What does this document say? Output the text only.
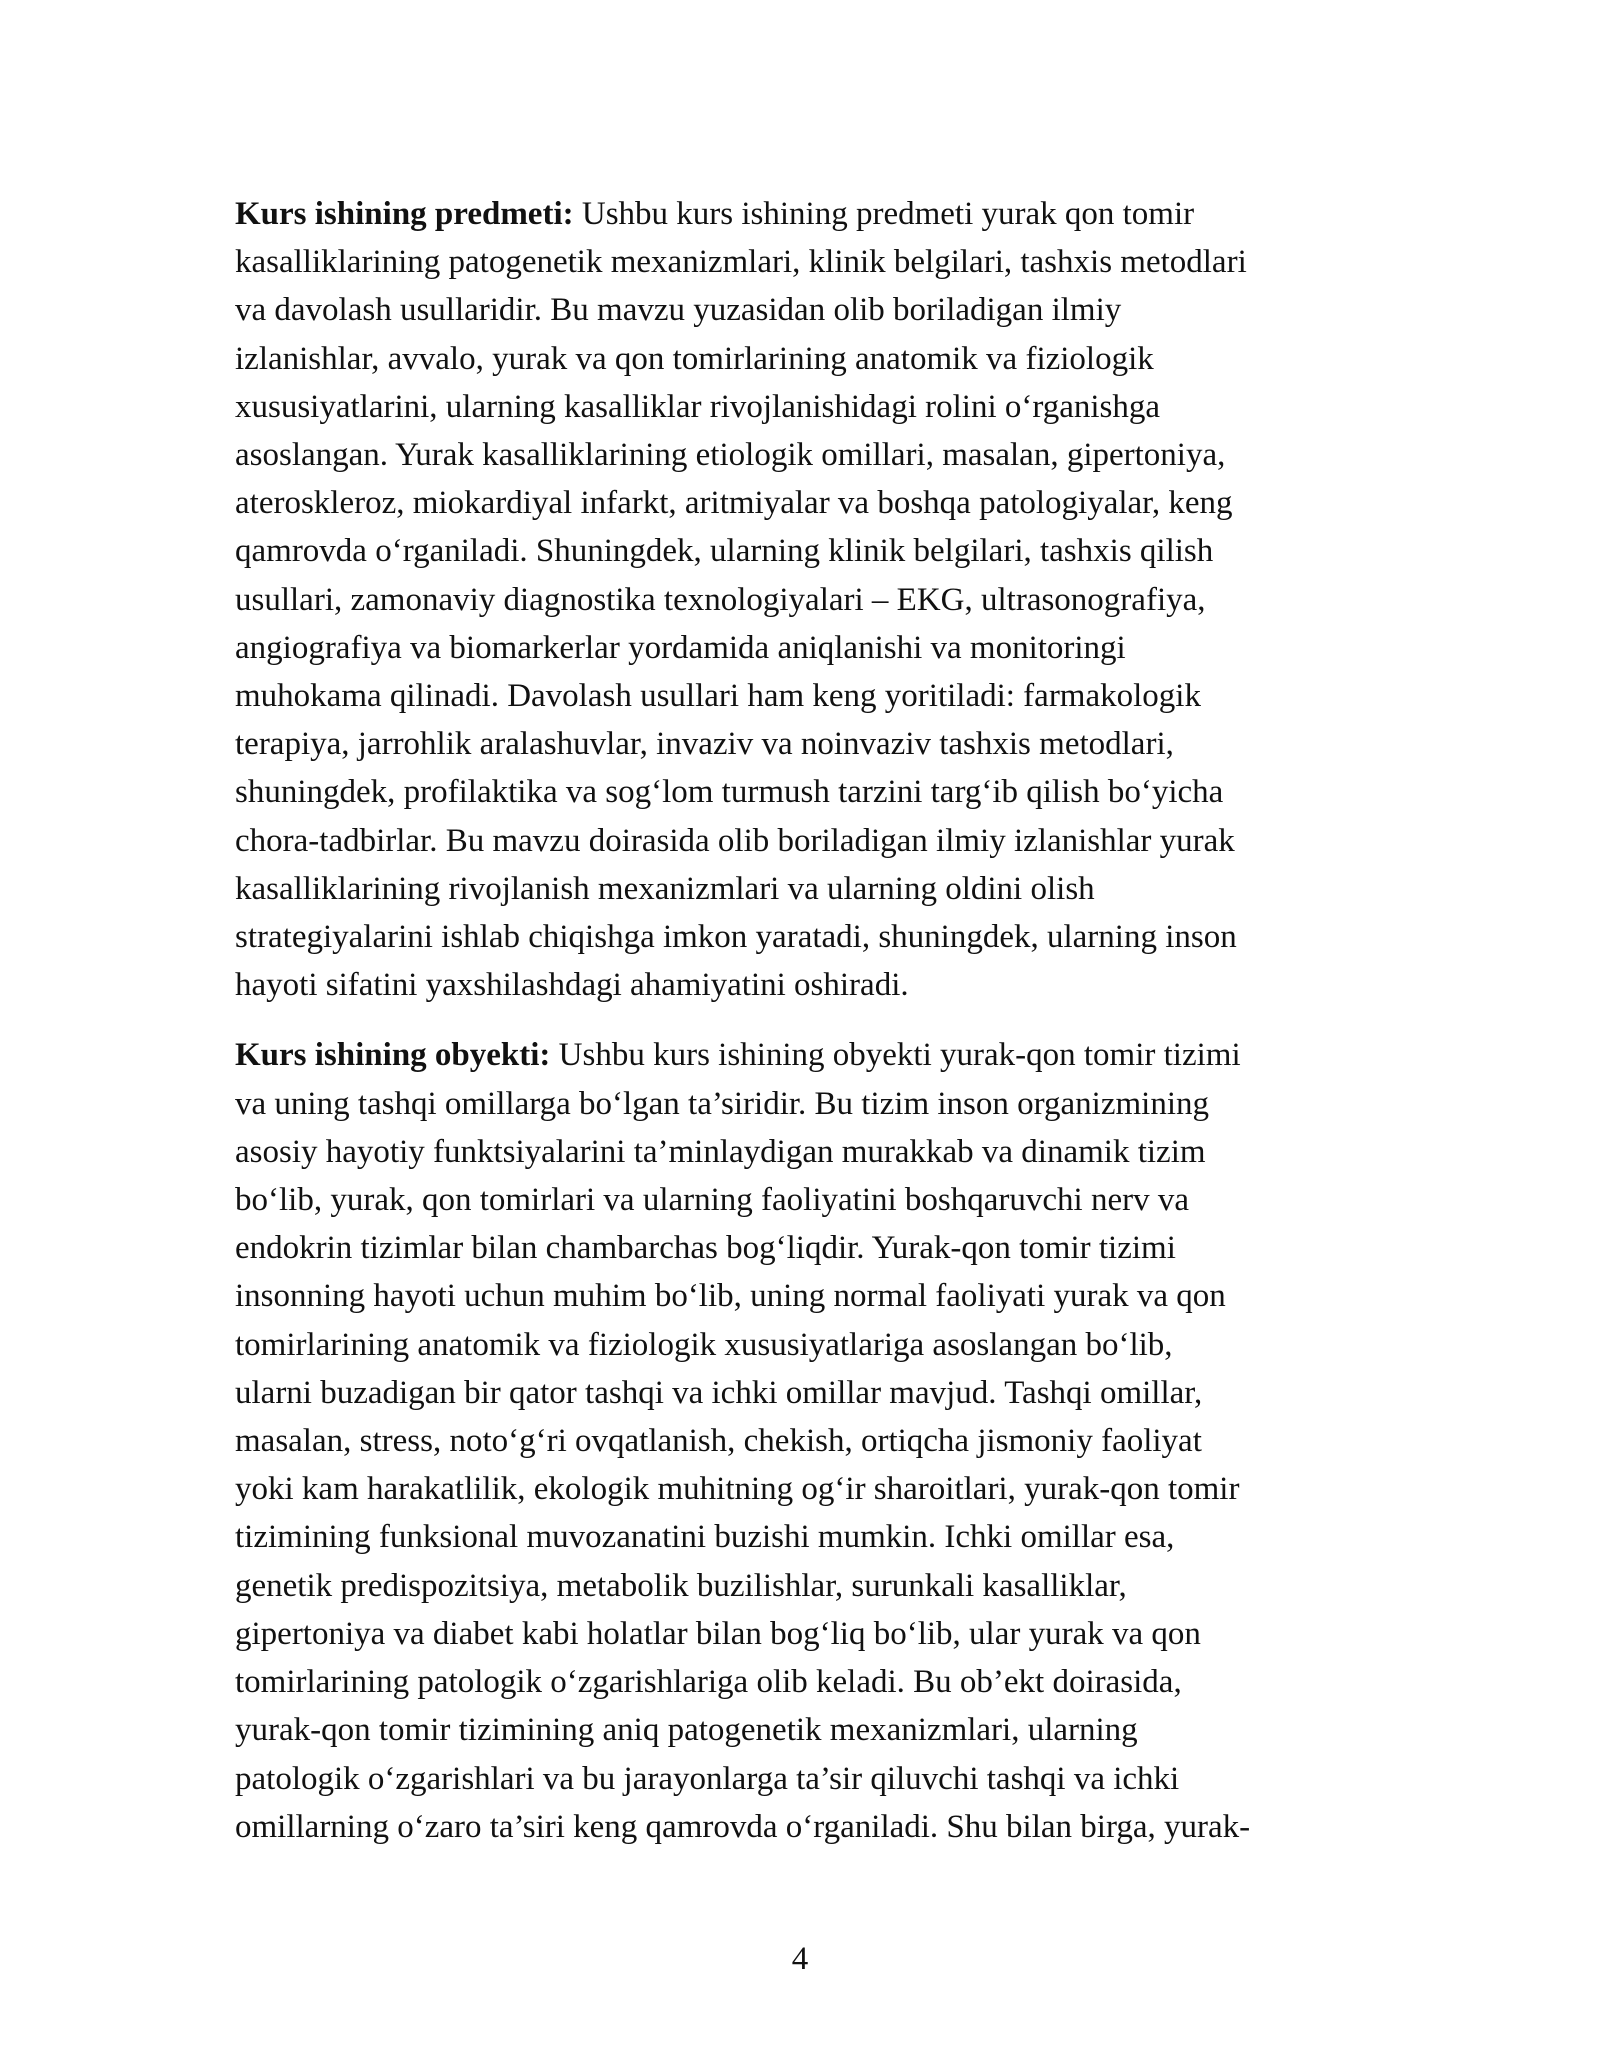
Kurs ishining predmeti: Ushbu kurs ishining predmeti yurak qon tomir
kasalliklarining patogenetik mexanizmlari, klinik belgilari, tashxis metodlari
va davolash usullaridir. Bu mavzu yuzasidan olib boriladigan ilmiy
izlanishlar, avvalo, yurak va qon tomirlarining anatomik va fiziologik
xususiyatlarini, ularning kasalliklar rivojlanishidagi rolini o‘rganishga
asoslangan. Yurak kasalliklarining etiologik omillari, masalan, gipertoniya,
ateroskleroz, miokardiyal infarkt, aritmiyalar va boshqa patologiyalar, keng
qamrovda o‘rganiladi. Shuningdek, ularning klinik belgilari, tashxis qilish
usullari, zamonaviy diagnostika texnologiyalari – EKG, ultrasonografiya,
angiografiya va biomarkerlar yordamida aniqlanishi va monitoringi
muhokama qilinadi. Davolash usullari ham keng yoritiladi: farmakologik
terapiya, jarrohlik aralashuvlar, invaziv va noinvaziv tashxis metodlari,
shuningdek, profilaktika va sog‘lom turmush tarzini targ‘ib qilish bo‘yicha
chora-tadbirlar. Bu mavzu doirasida olib boriladigan ilmiy izlanishlar yurak
kasalliklarining rivojlanish mexanizmlari va ularning oldini olish
strategiyalarini ishlab chiqishga imkon yaratadi, shuningdek, ularning inson
hayoti sifatini yaxshilashdagi ahamiyatini oshiradi.

Kurs ishining obyekti: Ushbu kurs ishining obyekti yurak-qon tomir tizimi
va uning tashqi omillarga bo‘lgan ta’siridir. Bu tizim inson organizmining
asosiy hayotiy funktsiyalarini ta’minlaydigan murakkab va dinamik tizim
bo‘lib, yurak, qon tomirlari va ularning faoliyatini boshqaruvchi nerv va
endokrin tizimlar bilan chambarchas bog‘liqdir. Yurak-qon tomir tizimi
insonning hayoti uchun muhim bo‘lib, uning normal faoliyati yurak va qon
tomirlarining anatomik va fiziologik xususiyatlariga asoslangan bo‘lib,
ularni buzadigan bir qator tashqi va ichki omillar mavjud. Tashqi omillar,
masalan, stress, noto‘g‘ri ovqatlanish, chekish, ortiqcha jismoniy faoliyat
yoki kam harakatlilik, ekologik muhitning og‘ir sharoitlari, yurak-qon tomir
tizimining funksional muvozanatini buzishi mumkin. Ichki omillar esa,
genetik predispozitsiya, metabolik buzilishlar, surunkali kasalliklar,
gipertoniya va diabet kabi holatlar bilan bog‘liq bo‘lib, ular yurak va qon
tomirlarining patologik o‘zgarishlariga olib keladi. Bu ob’ekt doirasida,
yurak-qon tomir tizimining aniq patogenetik mexanizmlari, ularning
patologik o‘zgarishlari va bu jarayonlarga ta’sir qiluvchi tashqi va ichki
omillarning o‘zaro ta’siri keng qamrovda o‘rganiladi. Shu bilan birga, yurak-

4
